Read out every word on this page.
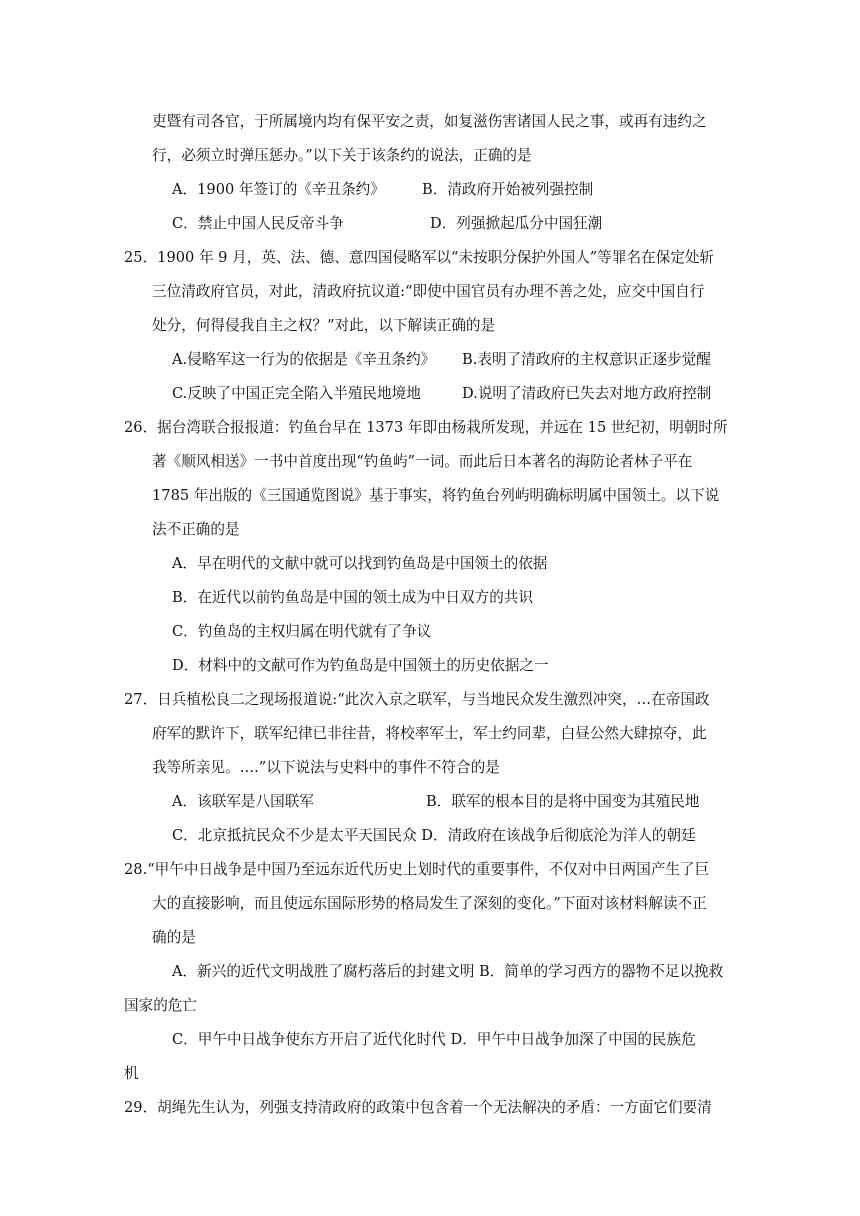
吏暨有司各官，于所属境内均有保平安之责，如复滋伤害诸国人民之事，或再有违约之
行，必须立时弹压惩办。”以下关于该条约的说法，正确的是
A．1900 年签订的《辛丑条约》	B．清政府开始被列强控制
C．禁止中国人民反帝斗争	D．列强掀起瓜分中国狂潮
25．1900 年 9 月，英、法、德、意四国侵略军以“未按职分保护外国人”等罪名在保定处斩
三位清政府官员，对此，清政府抗议道:“即使中国官员有办理不善之处，应交中国自行
处分，何得侵我自主之权？”对此，以下解读正确的是
A.侵略军这一行为的依据是《辛丑条约》 B.表明了清政府的主权意识正逐步觉醒
C.反映了中国正完全陷入半殖民地境地	D.说明了清政府已失去对地方政府控制
26．据台湾联合报报道：钓鱼台早在 1373 年即由杨栽所发现，并远在 15 世纪初，明朝时所
著《顺风相送》一书中首度出现“钓鱼屿”一词。而此后日本著名的海防论者林子平在
1785 年出版的《三国通览图说》基于事实，将钓鱼台列屿明确标明属中国领土。以下说
法不正确的是
A．早在明代的文献中就可以找到钓鱼岛是中国领土的依据
B．在近代以前钓鱼岛是中国的领土成为中日双方的共识
C．钓鱼岛的主权归属在明代就有了争议
D．材料中的文献可作为钓鱼岛是中国领土的历史依据之一
27．日兵植松良二之现场报道说:“此次入京之联军，与当地民众发生激烈冲突，…在帝国政
府军的默许下，联军纪律已非往昔，将校率军士，军士约同辈，白昼公然大肆掠夺，此
我等所亲见。….”以下说法与史料中的事件不符合的是
A．该联军是八国联军	B．联军的根本目的是将中国变为其殖民地
C．北京抵抗民众不少是太平天国民众 D．清政府在该战争后彻底沦为洋人的朝廷
28.“甲午中日战争是中国乃至远东近代历史上划时代的重要事件，不仅对中日两国产生了巨
大的直接影响，而且使远东国际形势的格局发生了深刻的变化。”下面对该材料解读不正
确的是
A．新兴的近代文明战胜了腐朽落后的封建文明 B．简单的学习西方的器物不足以挽救
国家的危亡
C．甲午中日战争使东方开启了近代化时代 D．甲午中日战争加深了中国的民族危
机
29．胡绳先生认为，列强支持清政府的政策中包含着一个无法解决的矛盾：一方面它们要清
